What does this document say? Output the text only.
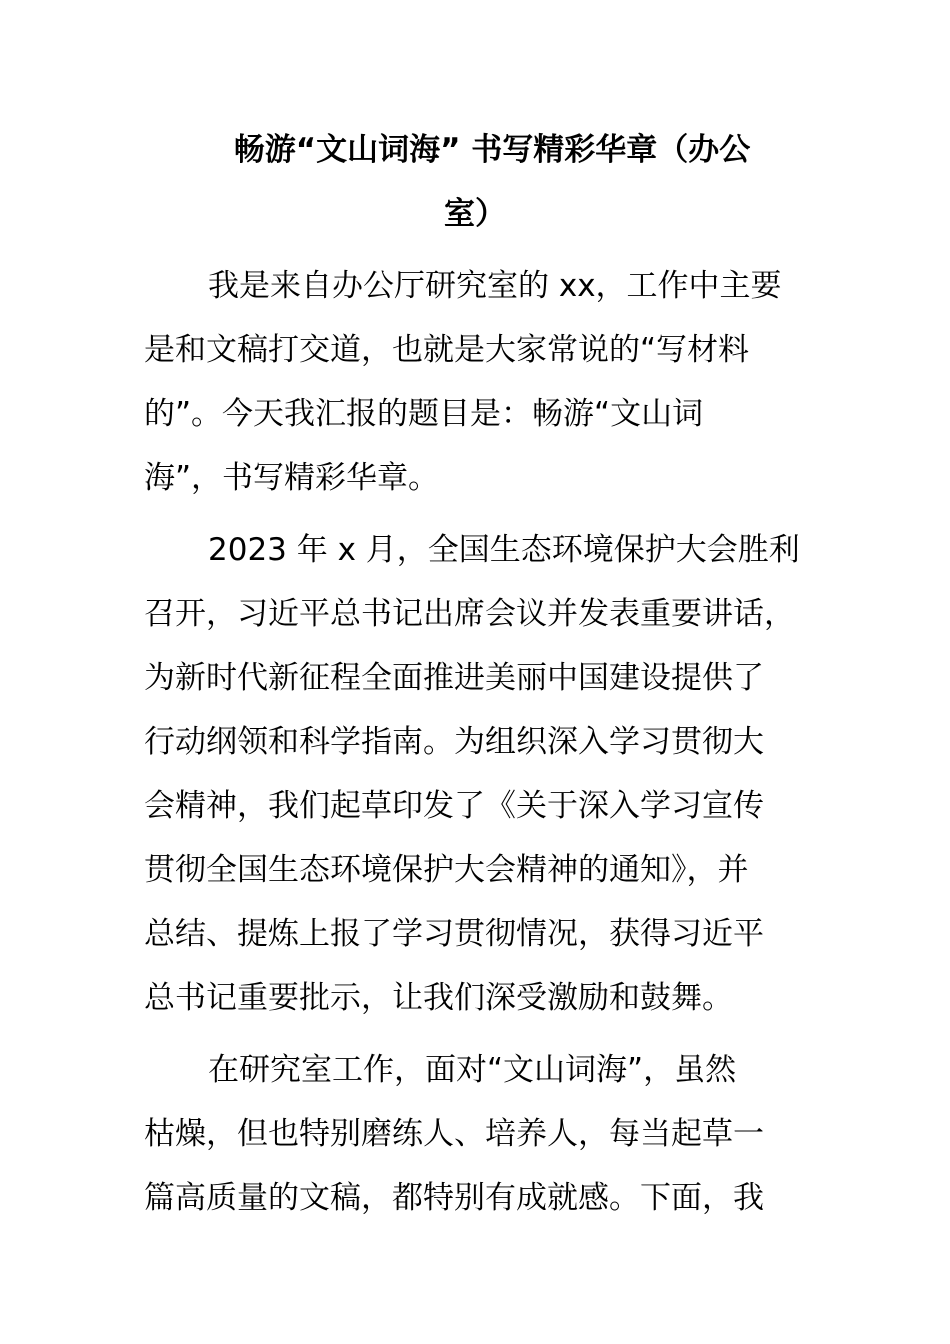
畅游“文山词海” 书写精彩华章（办公
室）
我是来自办公厅研究室的 xx，工作中主要
是和文稿打交道，也就是大家常说的“写材料
的”。今天我汇报的题目是：畅游“文山词
海”，书写精彩华章。
2023 年 x 月，全国生态环境保护大会胜利
召开，习近平总书记出席会议并发表重要讲话，
为新时代新征程全面推进美丽中国建设提供了
行动纲领和科学指南。为组织深入学习贯彻大
会精神，我们起草印发了《关于深入学习宣传
贯彻全国生态环境保护大会精神的通知》，并
总结、提炼上报了学习贯彻情况，获得习近平
总书记重要批示，让我们深受激励和鼓舞。
在研究室工作，面对“文山词海”，虽然
枯燥，但也特别磨练人、培养人，每当起草一
篇高质量的文稿，都特别有成就感。下面，我
